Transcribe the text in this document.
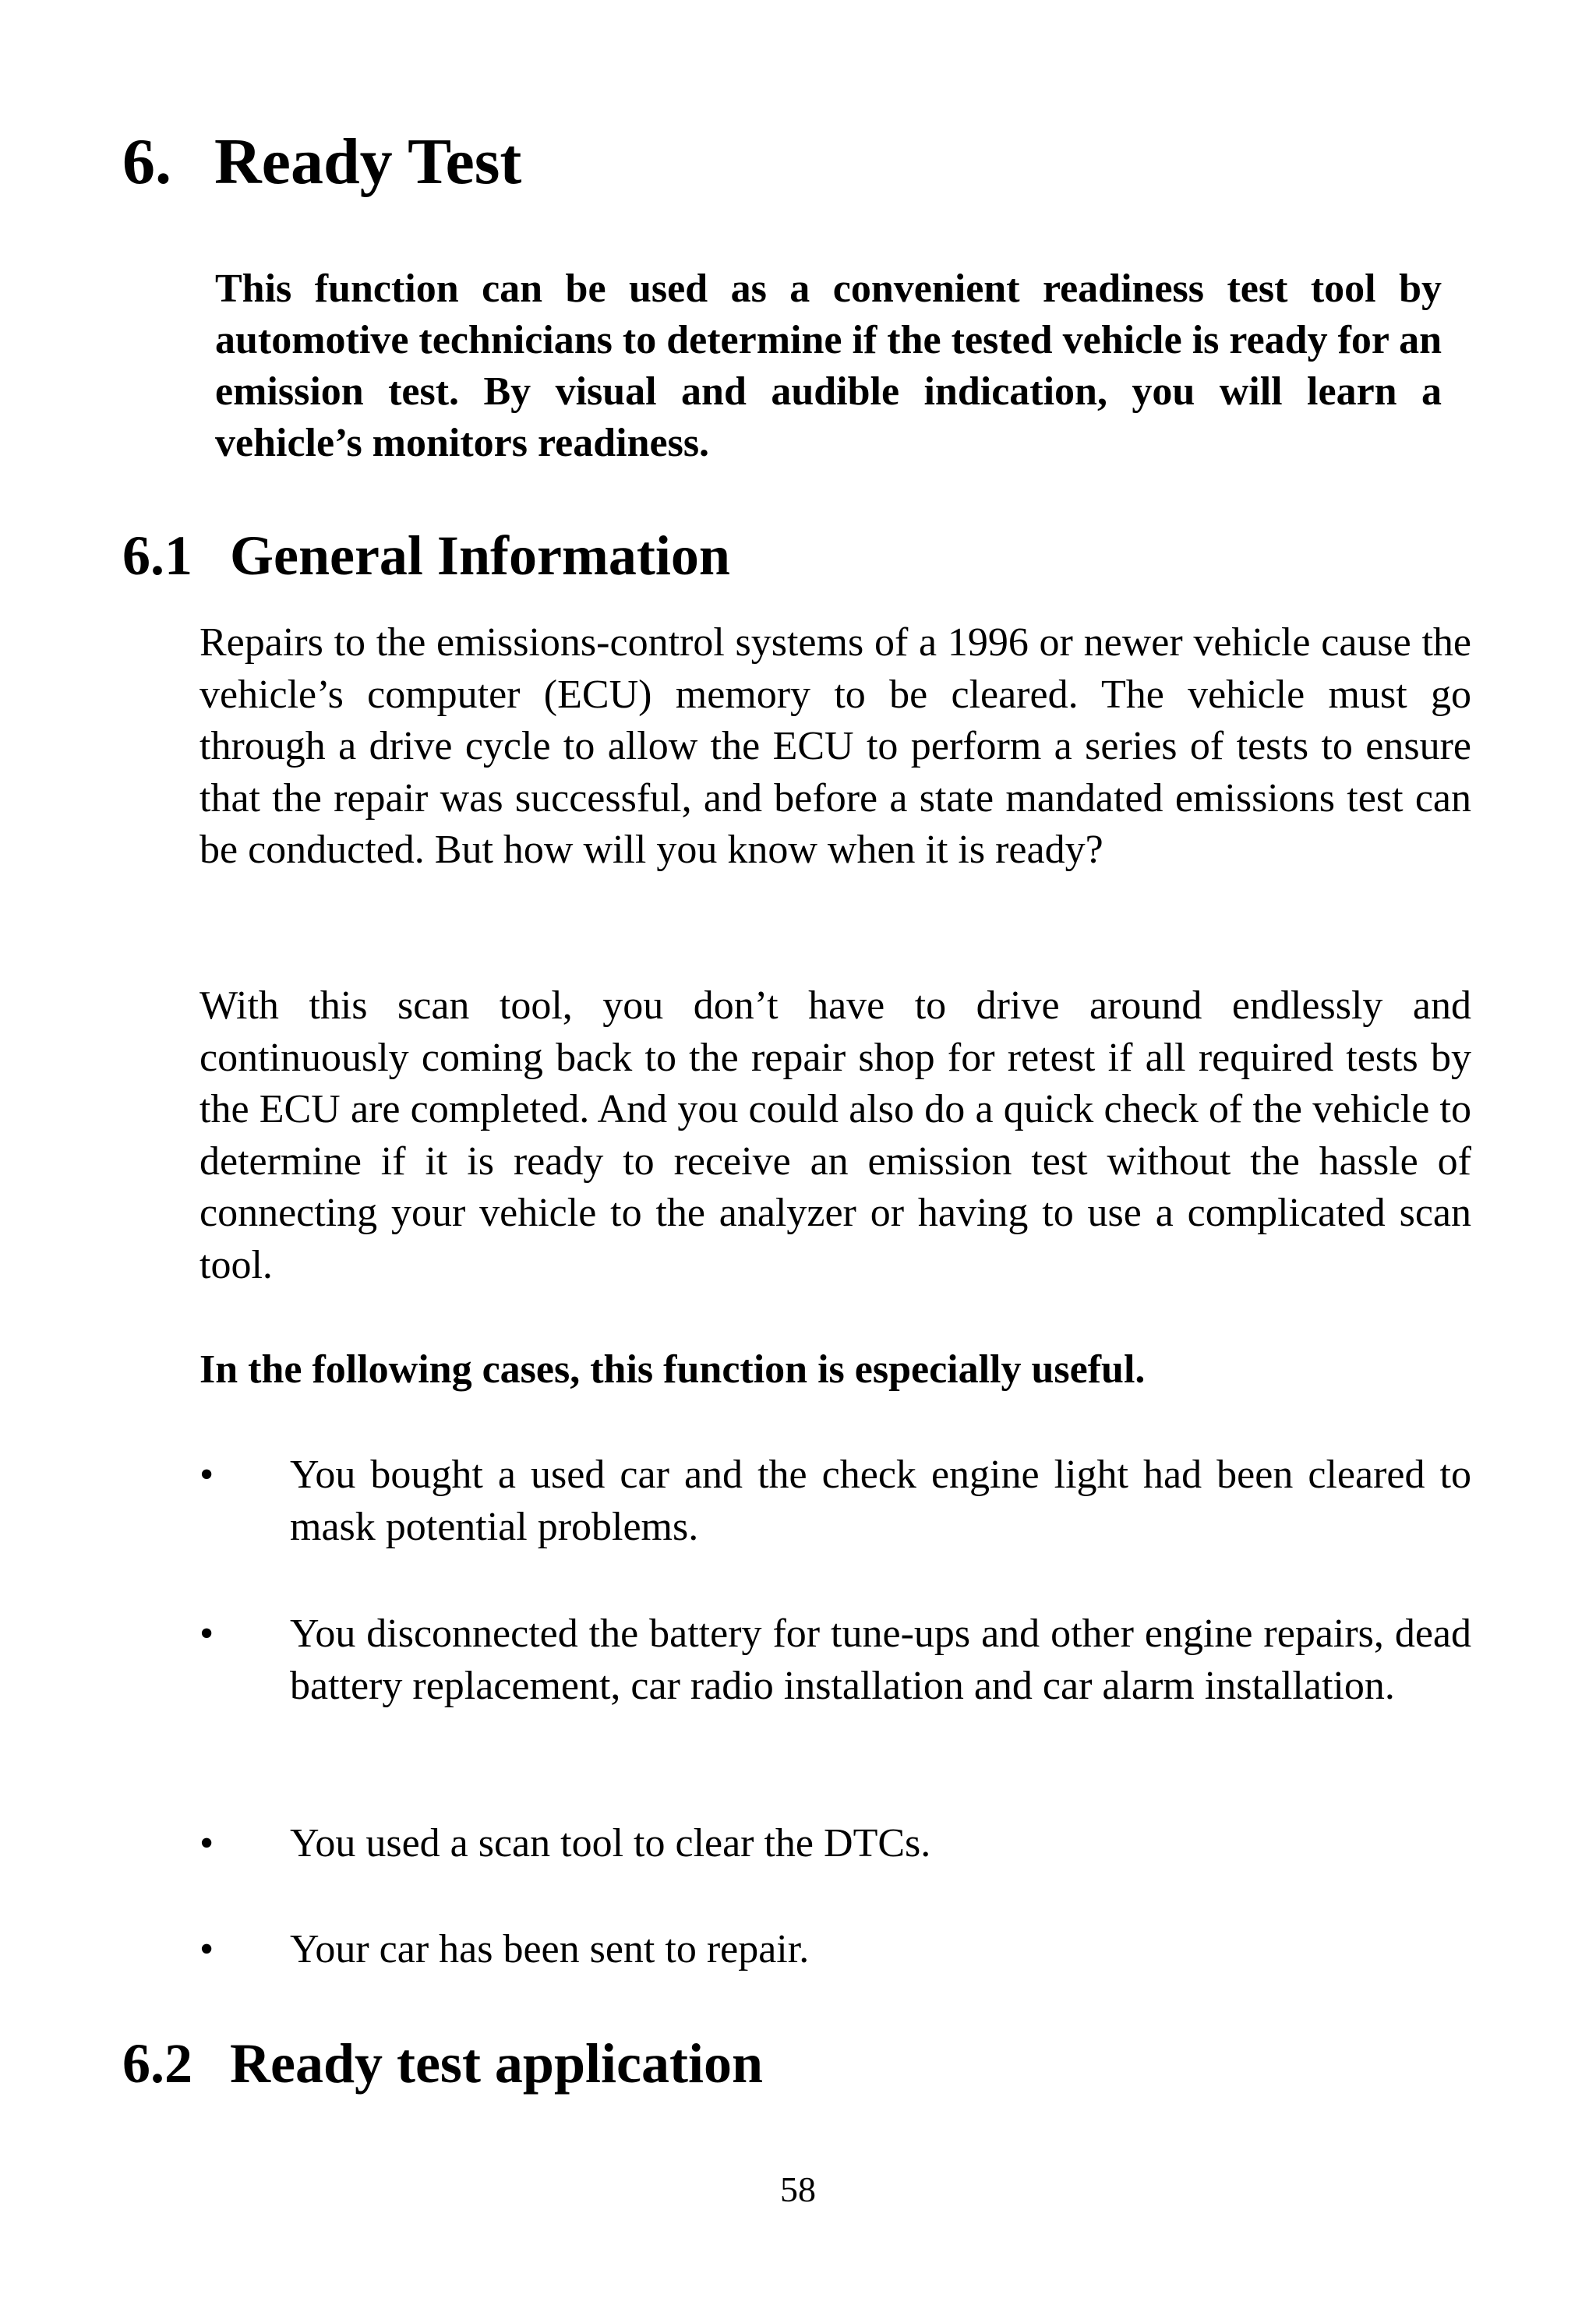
6. Ready Test

This function can be used as a convenient readiness test tool by automotive technicians to determine if the tested vehicle is ready for an emission test. By visual and audible indication, you will learn a vehicle’s monitors readiness.

6.1 General Information

Repairs to the emissions-control systems of a 1996 or newer vehicle cause the vehicle’s computer (ECU) memory to be cleared. The vehicle must go through a drive cycle to allow the ECU to perform a series of tests to ensure that the repair was successful, and before a state mandated emissions test can be conducted. But how will you know when it is ready?

With this scan tool, you don’t have to drive around endlessly and continuously coming back to the repair shop for retest if all required tests by the ECU are completed. And you could also do a quick check of the vehicle to determine if it is ready to receive an emission test without the hassle of connecting your vehicle to the analyzer or having to use a complicated scan tool.

In the following cases, this function is especially useful.

•	You bought a used car and the check engine light had been cleared to mask potential problems.
•	You disconnected the battery for tune-ups and other engine repairs, dead battery replacement, car radio installation and car alarm installation.
•	You used a scan tool to clear the DTCs.
•	Your car has been sent to repair.
6.2 Ready test application
58
